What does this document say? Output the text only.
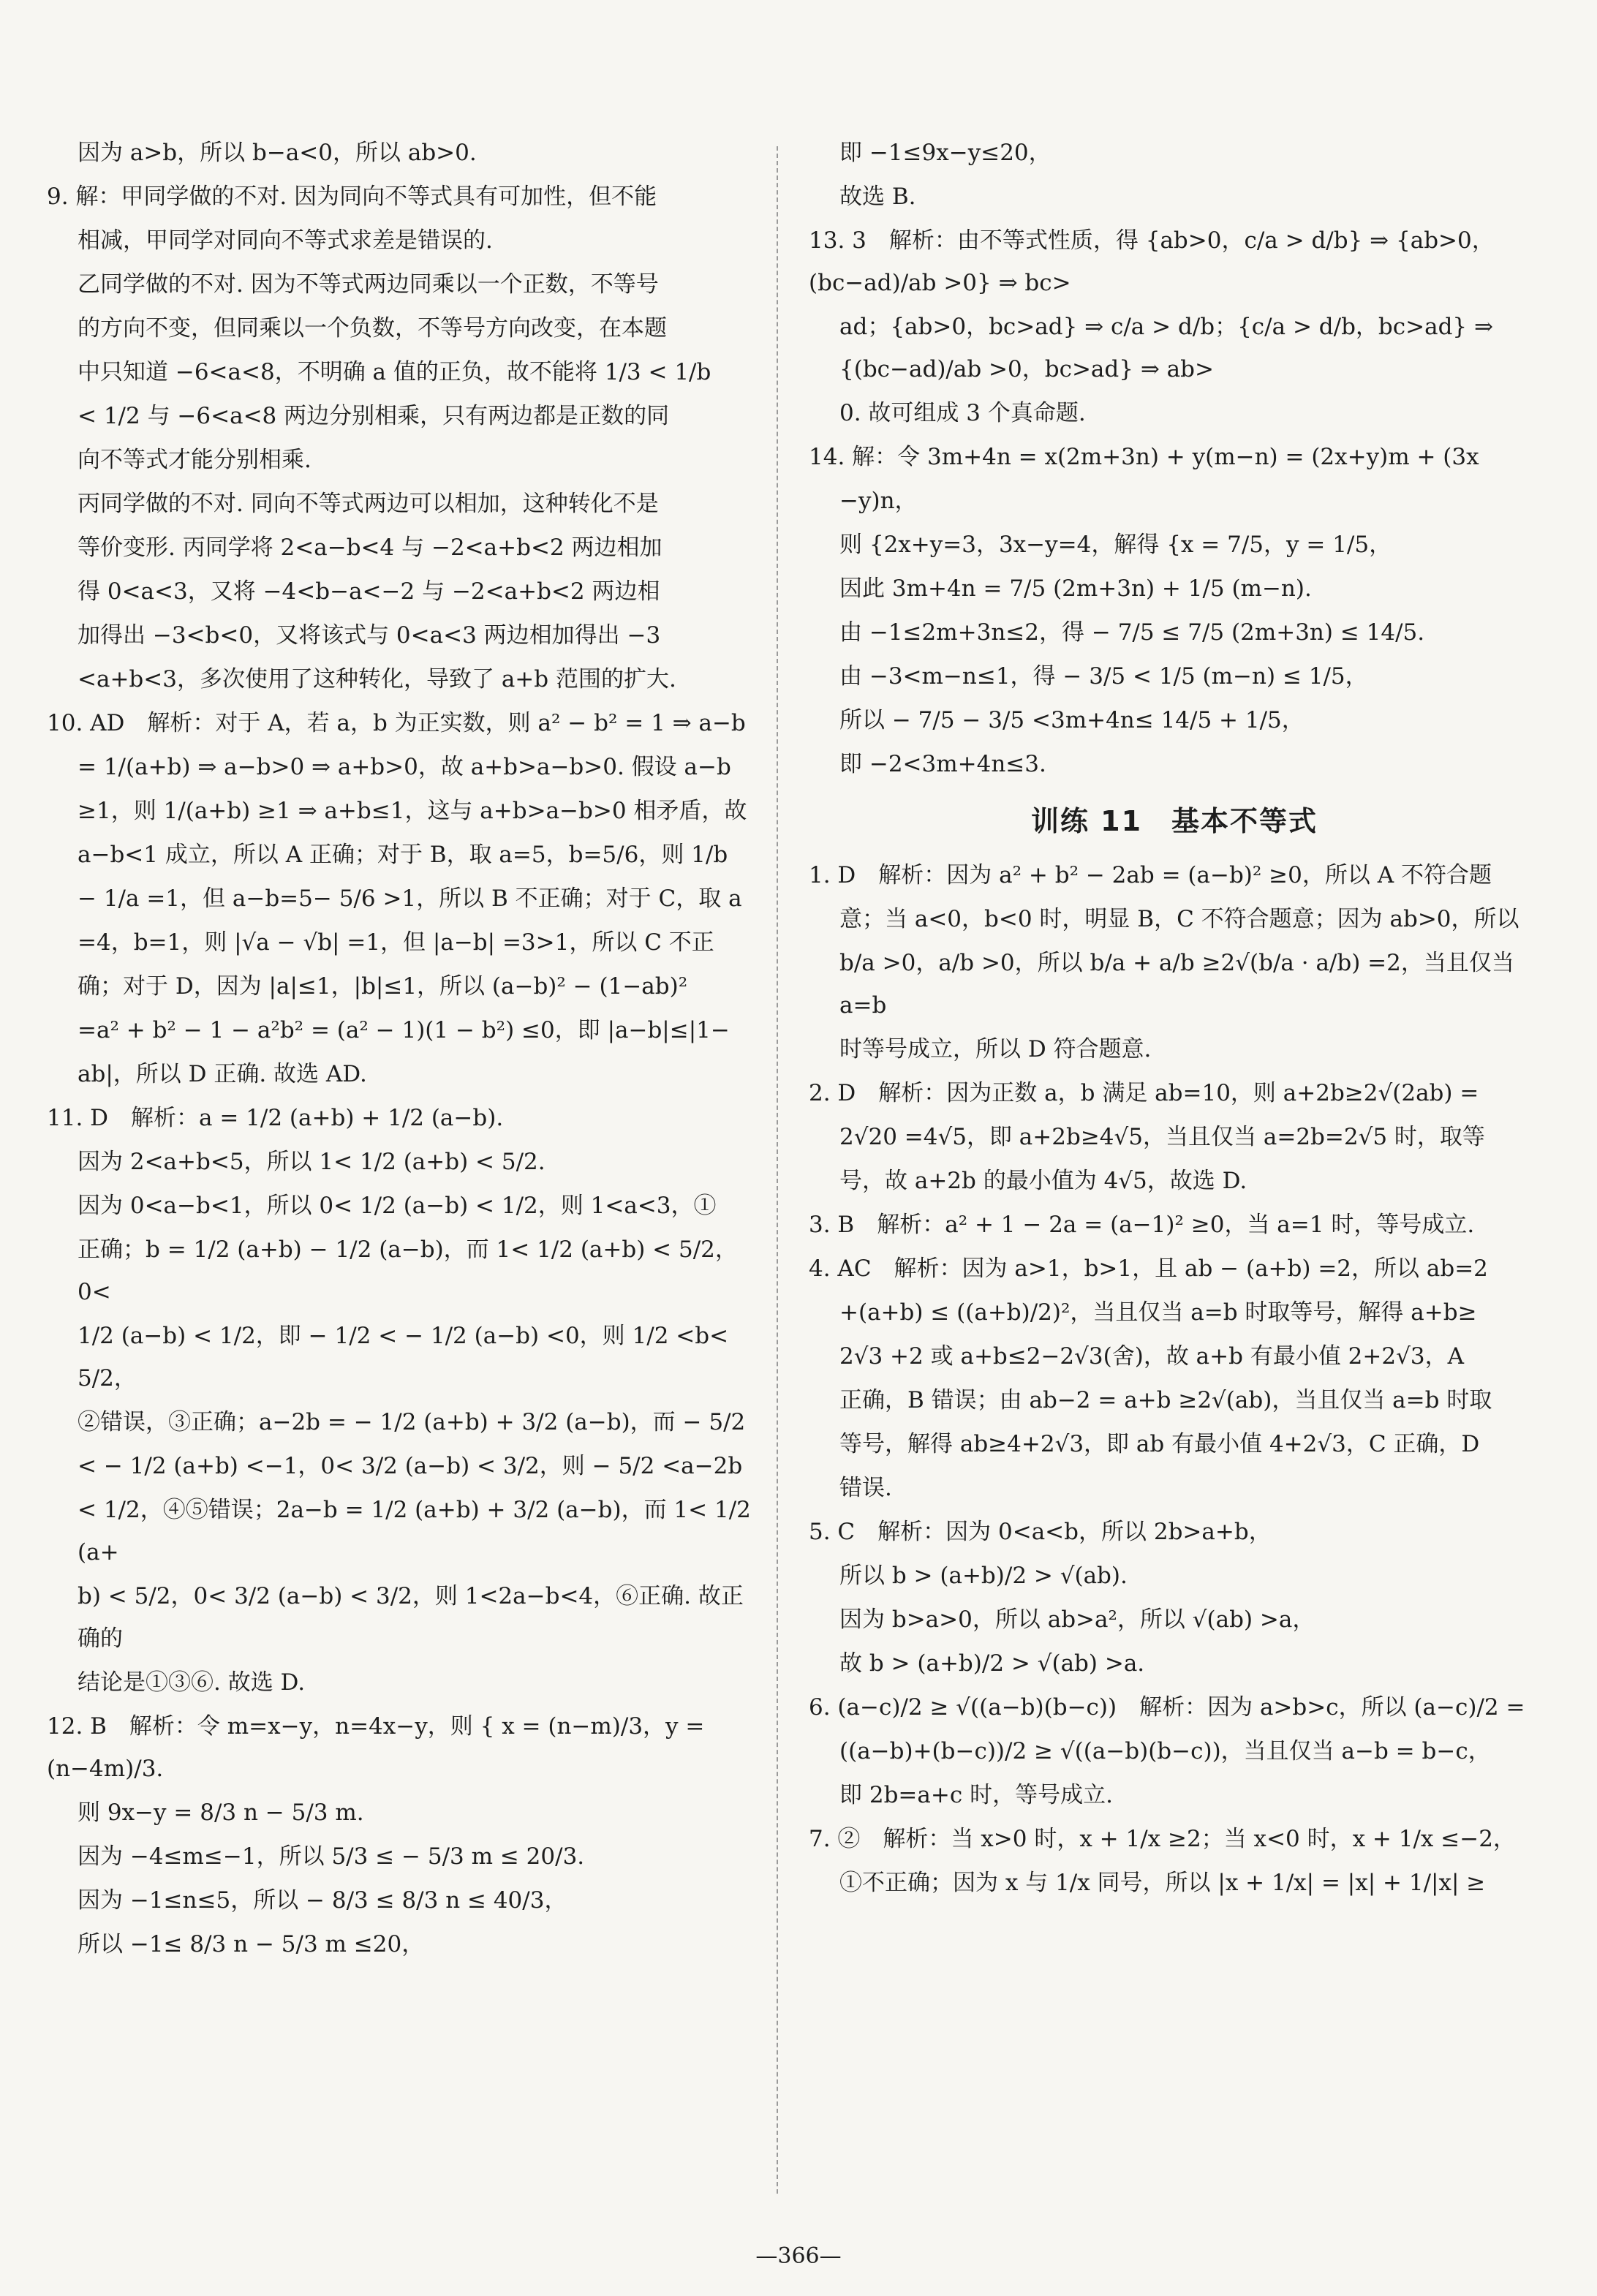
因为 a>b，所以 b−a<0，所以 ab>0.

9. 解：甲同学做的不对. 因为同向不等式具有可加性，但不能

相减，甲同学对同向不等式求差是错误的.

乙同学做的不对. 因为不等式两边同乘以一个正数，不等号

的方向不变，但同乘以一个负数，不等号方向改变，在本题

中只知道 −6<a<8，不明确 a 值的正负，故不能将 1/3 < 1/b

< 1/2 与 −6<a<8 两边分别相乘，只有两边都是正数的同

向不等式才能分别相乘.

丙同学做的不对. 同向不等式两边可以相加，这种转化不是

等价变形. 丙同学将 2<a−b<4 与 −2<a+b<2 两边相加

得 0<a<3，又将 −4<b−a<−2 与 −2<a+b<2 两边相

加得出 −3<b<0，又将该式与 0<a<3 两边相加得出 −3

<a+b<3，多次使用了这种转化，导致了 a+b 范围的扩大.

10. AD　解析：对于 A，若 a，b 为正实数，则 a² − b² = 1 ⇒ a−b

= 1/(a+b) ⇒ a−b>0 ⇒ a+b>0，故 a+b>a−b>0. 假设 a−b

≥1，则 1/(a+b) ≥1 ⇒ a+b≤1，这与 a+b>a−b>0 相矛盾，故

a−b<1 成立，所以 A 正确；对于 B，取 a=5，b=5/6，则 1/b

− 1/a =1，但 a−b=5− 5/6 >1，所以 B 不正确；对于 C，取 a

=4，b=1，则 |√a − √b| =1，但 |a−b| =3>1，所以 C 不正

确；对于 D，因为 |a|≤1，|b|≤1，所以 (a−b)² − (1−ab)²

=a² + b² − 1 − a²b² = (a² − 1)(1 − b²) ≤0，即 |a−b|≤|1−

ab|，所以 D 正确. 故选 AD.

11. D　解析：a = 1/2 (a+b) + 1/2 (a−b).

因为 2<a+b<5，所以 1< 1/2 (a+b) < 5/2.

因为 0<a−b<1，所以 0< 1/2 (a−b) < 1/2，则 1<a<3，①

正确；b = 1/2 (a+b) − 1/2 (a−b)，而 1< 1/2 (a+b) < 5/2，0<

1/2 (a−b) < 1/2，即 − 1/2 < − 1/2 (a−b) <0，则 1/2 <b< 5/2，

②错误，③正确；a−2b = − 1/2 (a+b) + 3/2 (a−b)，而 − 5/2

< − 1/2 (a+b) <−1，0< 3/2 (a−b) < 3/2，则 − 5/2 <a−2b

< 1/2，④⑤错误；2a−b = 1/2 (a+b) + 3/2 (a−b)，而 1< 1/2 (a+

b) < 5/2，0< 3/2 (a−b) < 3/2，则 1<2a−b<4，⑥正确. 故正确的

结论是①③⑥. 故选 D.

12. B　解析：令 m=x−y，n=4x−y，则 { x = (n−m)/3，y = (n−4m)/3.

则 9x−y = 8/3 n − 5/3 m.

因为 −4≤m≤−1，所以 5/3 ≤ − 5/3 m ≤ 20/3.

因为 −1≤n≤5，所以 − 8/3 ≤ 8/3 n ≤ 40/3，

所以 −1≤ 8/3 n − 5/3 m ≤20，

即 −1≤9x−y≤20，

故选 B.

13. 3　解析：由不等式性质，得 {ab>0，c/a > d/b} ⇒ {ab>0，(bc−ad)/ab >0} ⇒ bc>

ad；{ab>0，bc>ad} ⇒ c/a > d/b；{c/a > d/b，bc>ad} ⇒ {(bc−ad)/ab >0，bc>ad} ⇒ ab>

0. 故可组成 3 个真命题.

14. 解：令 3m+4n = x(2m+3n) + y(m−n) = (2x+y)m + (3x

−y)n，

则 {2x+y=3，3x−y=4，解得 {x = 7/5，y = 1/5，

因此 3m+4n = 7/5 (2m+3n) + 1/5 (m−n).

由 −1≤2m+3n≤2，得 − 7/5 ≤ 7/5 (2m+3n) ≤ 14/5.

由 −3<m−n≤1，得 − 3/5 < 1/5 (m−n) ≤ 1/5，

所以 − 7/5 − 3/5 <3m+4n≤ 14/5 + 1/5，

即 −2<3m+4n≤3.

训练 11　基本不等式

1. D　解析：因为 a² + b² − 2ab = (a−b)² ≥0，所以 A 不符合题

意；当 a<0，b<0 时，明显 B，C 不符合题意；因为 ab>0，所以

b/a >0，a/b >0，所以 b/a + a/b ≥2√(b/a · a/b) =2，当且仅当 a=b

时等号成立，所以 D 符合题意.

2. D　解析：因为正数 a，b 满足 ab=10，则 a+2b≥2√(2ab) =

2√20 =4√5，即 a+2b≥4√5，当且仅当 a=2b=2√5 时，取等

号，故 a+2b 的最小值为 4√5，故选 D.

3. B　解析：a² + 1 − 2a = (a−1)² ≥0，当 a=1 时，等号成立.

4. AC　解析：因为 a>1，b>1，且 ab − (a+b) =2，所以 ab=2

+(a+b) ≤ ((a+b)/2)²，当且仅当 a=b 时取等号，解得 a+b≥

2√3 +2 或 a+b≤2−2√3(舍)，故 a+b 有最小值 2+2√3，A

正确，B 错误；由 ab−2 = a+b ≥2√(ab)，当且仅当 a=b 时取

等号，解得 ab≥4+2√3，即 ab 有最小值 4+2√3，C 正确，D

错误.

5. C　解析：因为 0<a<b，所以 2b>a+b，

所以 b > (a+b)/2 > √(ab).

因为 b>a>0，所以 ab>a²，所以 √(ab) >a，

故 b > (a+b)/2 > √(ab) >a.

6. (a−c)/2 ≥ √((a−b)(b−c))　解析：因为 a>b>c，所以 (a−c)/2 =

((a−b)+(b−c))/2 ≥ √((a−b)(b−c))，当且仅当 a−b = b−c，

即 2b=a+c 时，等号成立.

7. ②　解析：当 x>0 时，x + 1/x ≥2；当 x<0 时，x + 1/x ≤−2，

①不正确；因为 x 与 1/x 同号，所以 |x + 1/x| = |x| + 1/|x| ≥

—366—
